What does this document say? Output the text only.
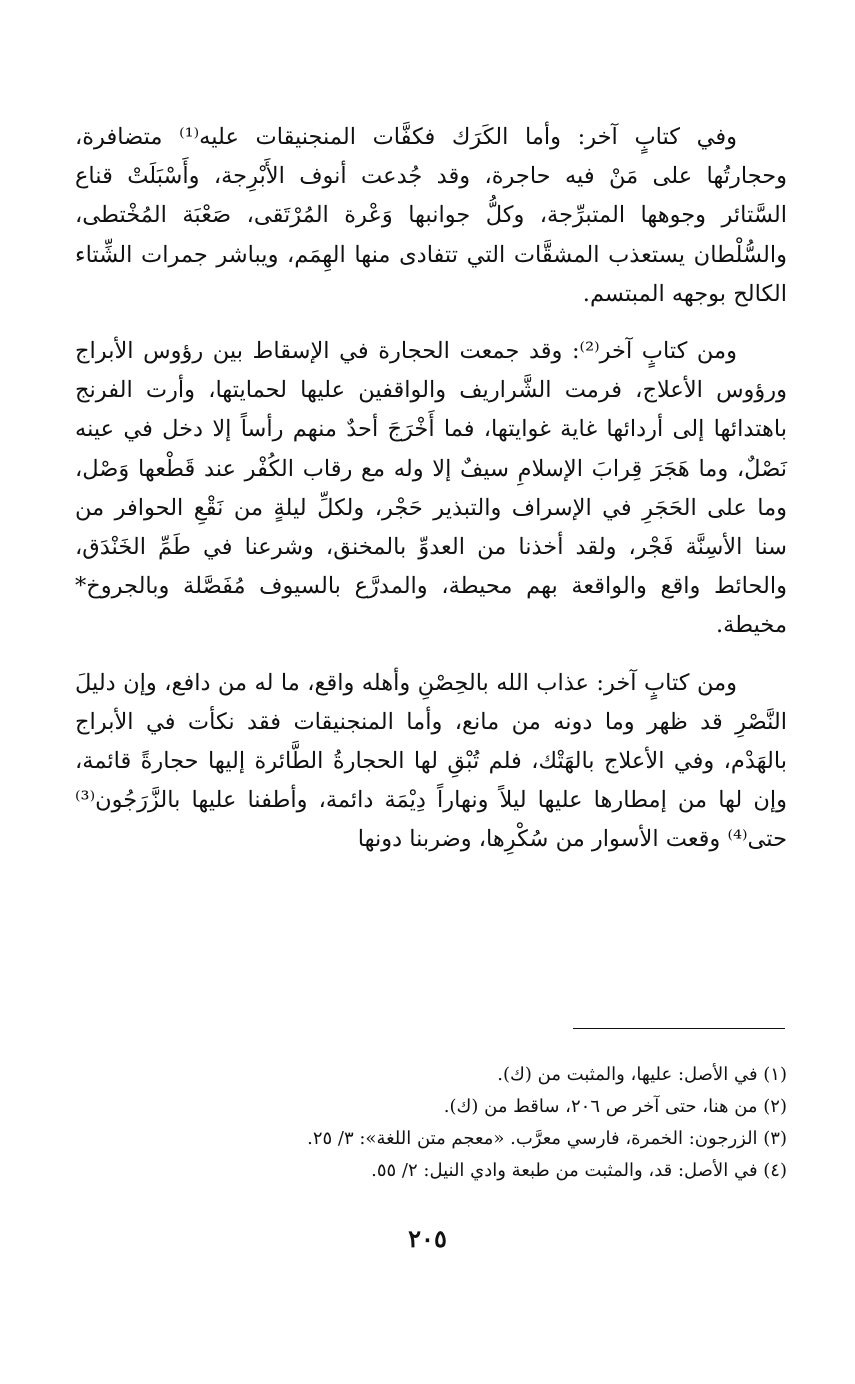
وفي كتابٍ آخر: وأما الكَرَك فكفَّات المنجنيقات عليه⁽¹⁾ متضافرة، وحجارتُها على مَنْ فيه حاجرة، وقد جُدعت أنوف الأَبْرِجة، وأَسْبَلَتْ قناع السَّتائر وجوهها المتبرِّجة، وكلُّ جوانبها وَعْرة المُرْتَقى، صَعْبَة المُخْتطى، والسُّلْطان يستعذب المشقَّات التي تتفادى منها الهِمَم، ويباشر جمرات الشِّتاء الكالح بوجهه المبتسم.

ومن كتابٍ آخر⁽²⁾: وقد جمعت الحجارة في الإسقاط بين رؤوس الأبراج ورؤوس الأعلاج، فرمت الشَّراريف والواقفين عليها لحمايتها، وأرت الفرنج باهتدائها إلى أردائها غاية غوايتها، فما أَخْرَجَ أحدٌ منهم رأساً إلا دخل في عينه نَصْلٌ، وما هَجَرَ قِرابَ الإسلامِ سيفٌ إلا وله مع رقاب الكُفْر عند قَطْعها وَصْل، وما على الحَجَرِ في الإسراف والتبذير حَجْر، ولكلِّ ليلةٍ من نَقْعِ الحوافر من سنا الأسِنَّة فَجْر، ولقد أخذنا من العدوِّ بالمخنق، وشرعنا في طَمِّ الخَنْدَق، والحائط واقع والواقعة بهم محيطة، والمدرَّع بالسيوف مُفَصَّلة وبالجروخ* مخيطة.

ومن كتابٍ آخر: عذاب الله بالحِصْنِ وأهله واقع، ما له من دافع، وإن دليلَ النَّصْرِ قد ظهر وما دونه من مانع، وأما المنجنيقات فقد نكأت في الأبراج بالهَدْم، وفي الأعلاج بالهَتْك، فلم تُبْقِ لها الحجارةُ الطَّائرة إليها حجارةً قائمة، وإن لها من إمطارها عليها ليلاً ونهاراً دِيْمَة دائمة، وأطفنا عليها بالزَّرَجُون⁽³⁾ حتى⁽⁴⁾ وقعت الأسوار من سُكْرِها، وضربنا دونها

(١) في الأصل: عليها، والمثبت من (ك).

(٢) من هنا، حتى آخر ص ٢٠٦، ساقط من (ك).

(٣) الزرجون: الخمرة، فارسي معرَّب. «معجم متن اللغة»: ٣/ ٢٥.

(٤) في الأصل: قد، والمثبت من طبعة وادي النيل: ٢/ ٥٥.

٢٠٥
